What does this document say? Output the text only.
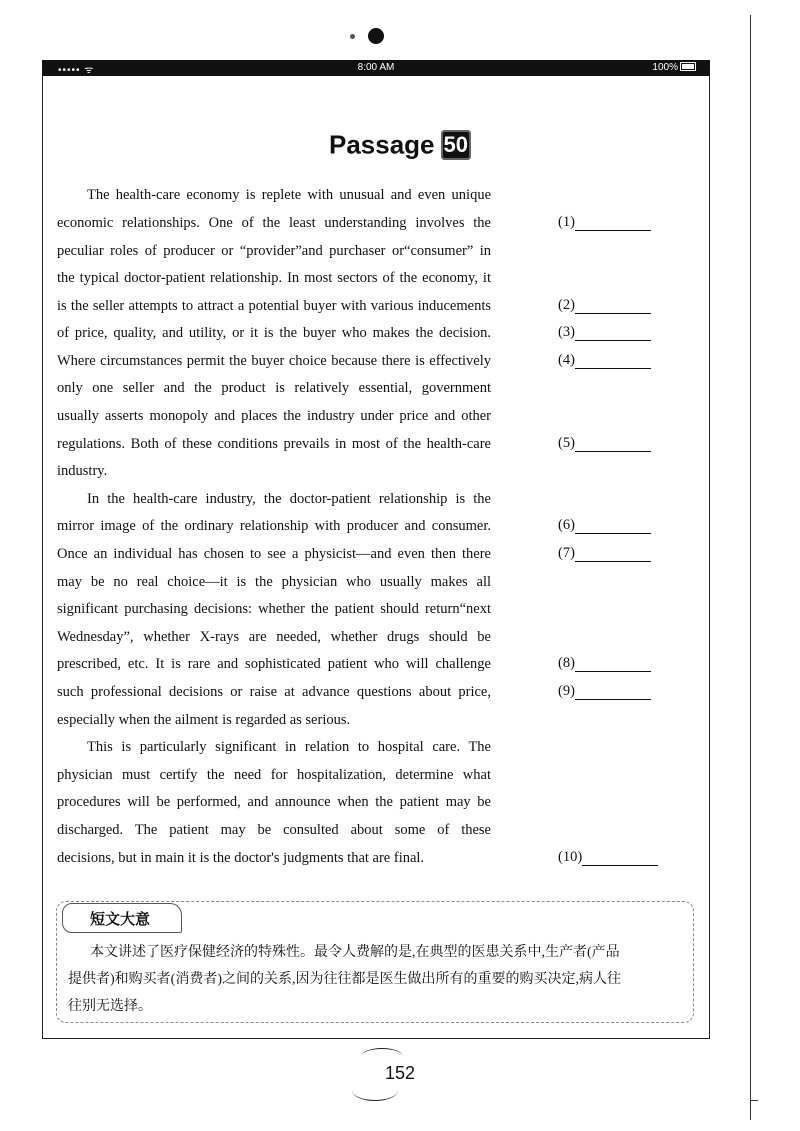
••••• ᯤ	8:00 AM	100%
Passage 50
The health-care economy is replete with unusual and even unique
economic relationships. One of the least understanding involves the
peculiar roles of producer or “provider”and purchaser or“consumer” in
the typical doctor-patient relationship. In most sectors of the economy, it
is the seller attempts to attract a potential buyer with various inducements
of price, quality, and utility, or it is the buyer who makes the decision.
Where circumstances permit the buyer choice because there is effectively
only one seller and the product is relatively essential, government
usually asserts monopoly and places the industry under price and other
regulations. Both of these conditions prevails in most of the health-care
industry.
In the health-care industry, the doctor-patient relationship is the
mirror image of the ordinary relationship with producer and consumer.
Once an individual has chosen to see a physicist—and even then there
may be no real choice—it is the physician who usually makes all
significant purchasing decisions: whether the patient should return“next
Wednesday”, whether X-rays are needed, whether drugs should be
prescribed, etc. It is rare and sophisticated patient who will challenge
such professional decisions or raise at advance questions about price,
especially when the ailment is regarded as serious.
This is particularly significant in relation to hospital care. The
physician must certify the need for hospitalization, determine what
procedures will be performed, and announce when the patient may be
discharged. The patient may be consulted about some of these
decisions, but in main it is the doctor's judgments that are final.
(1)
(2)
(3)
(4)
(5)
(6)
(7)
(8)
(9)
(10)
短文大意
本文讲述了医疗保健经济的特殊性。最令人费解的是,在典型的医患关系中,生产者(产品
提供者)和购买者(消费者)之间的关系,因为往往都是医生做出所有的重要的购买决定,病人往
往别无选择。
152
